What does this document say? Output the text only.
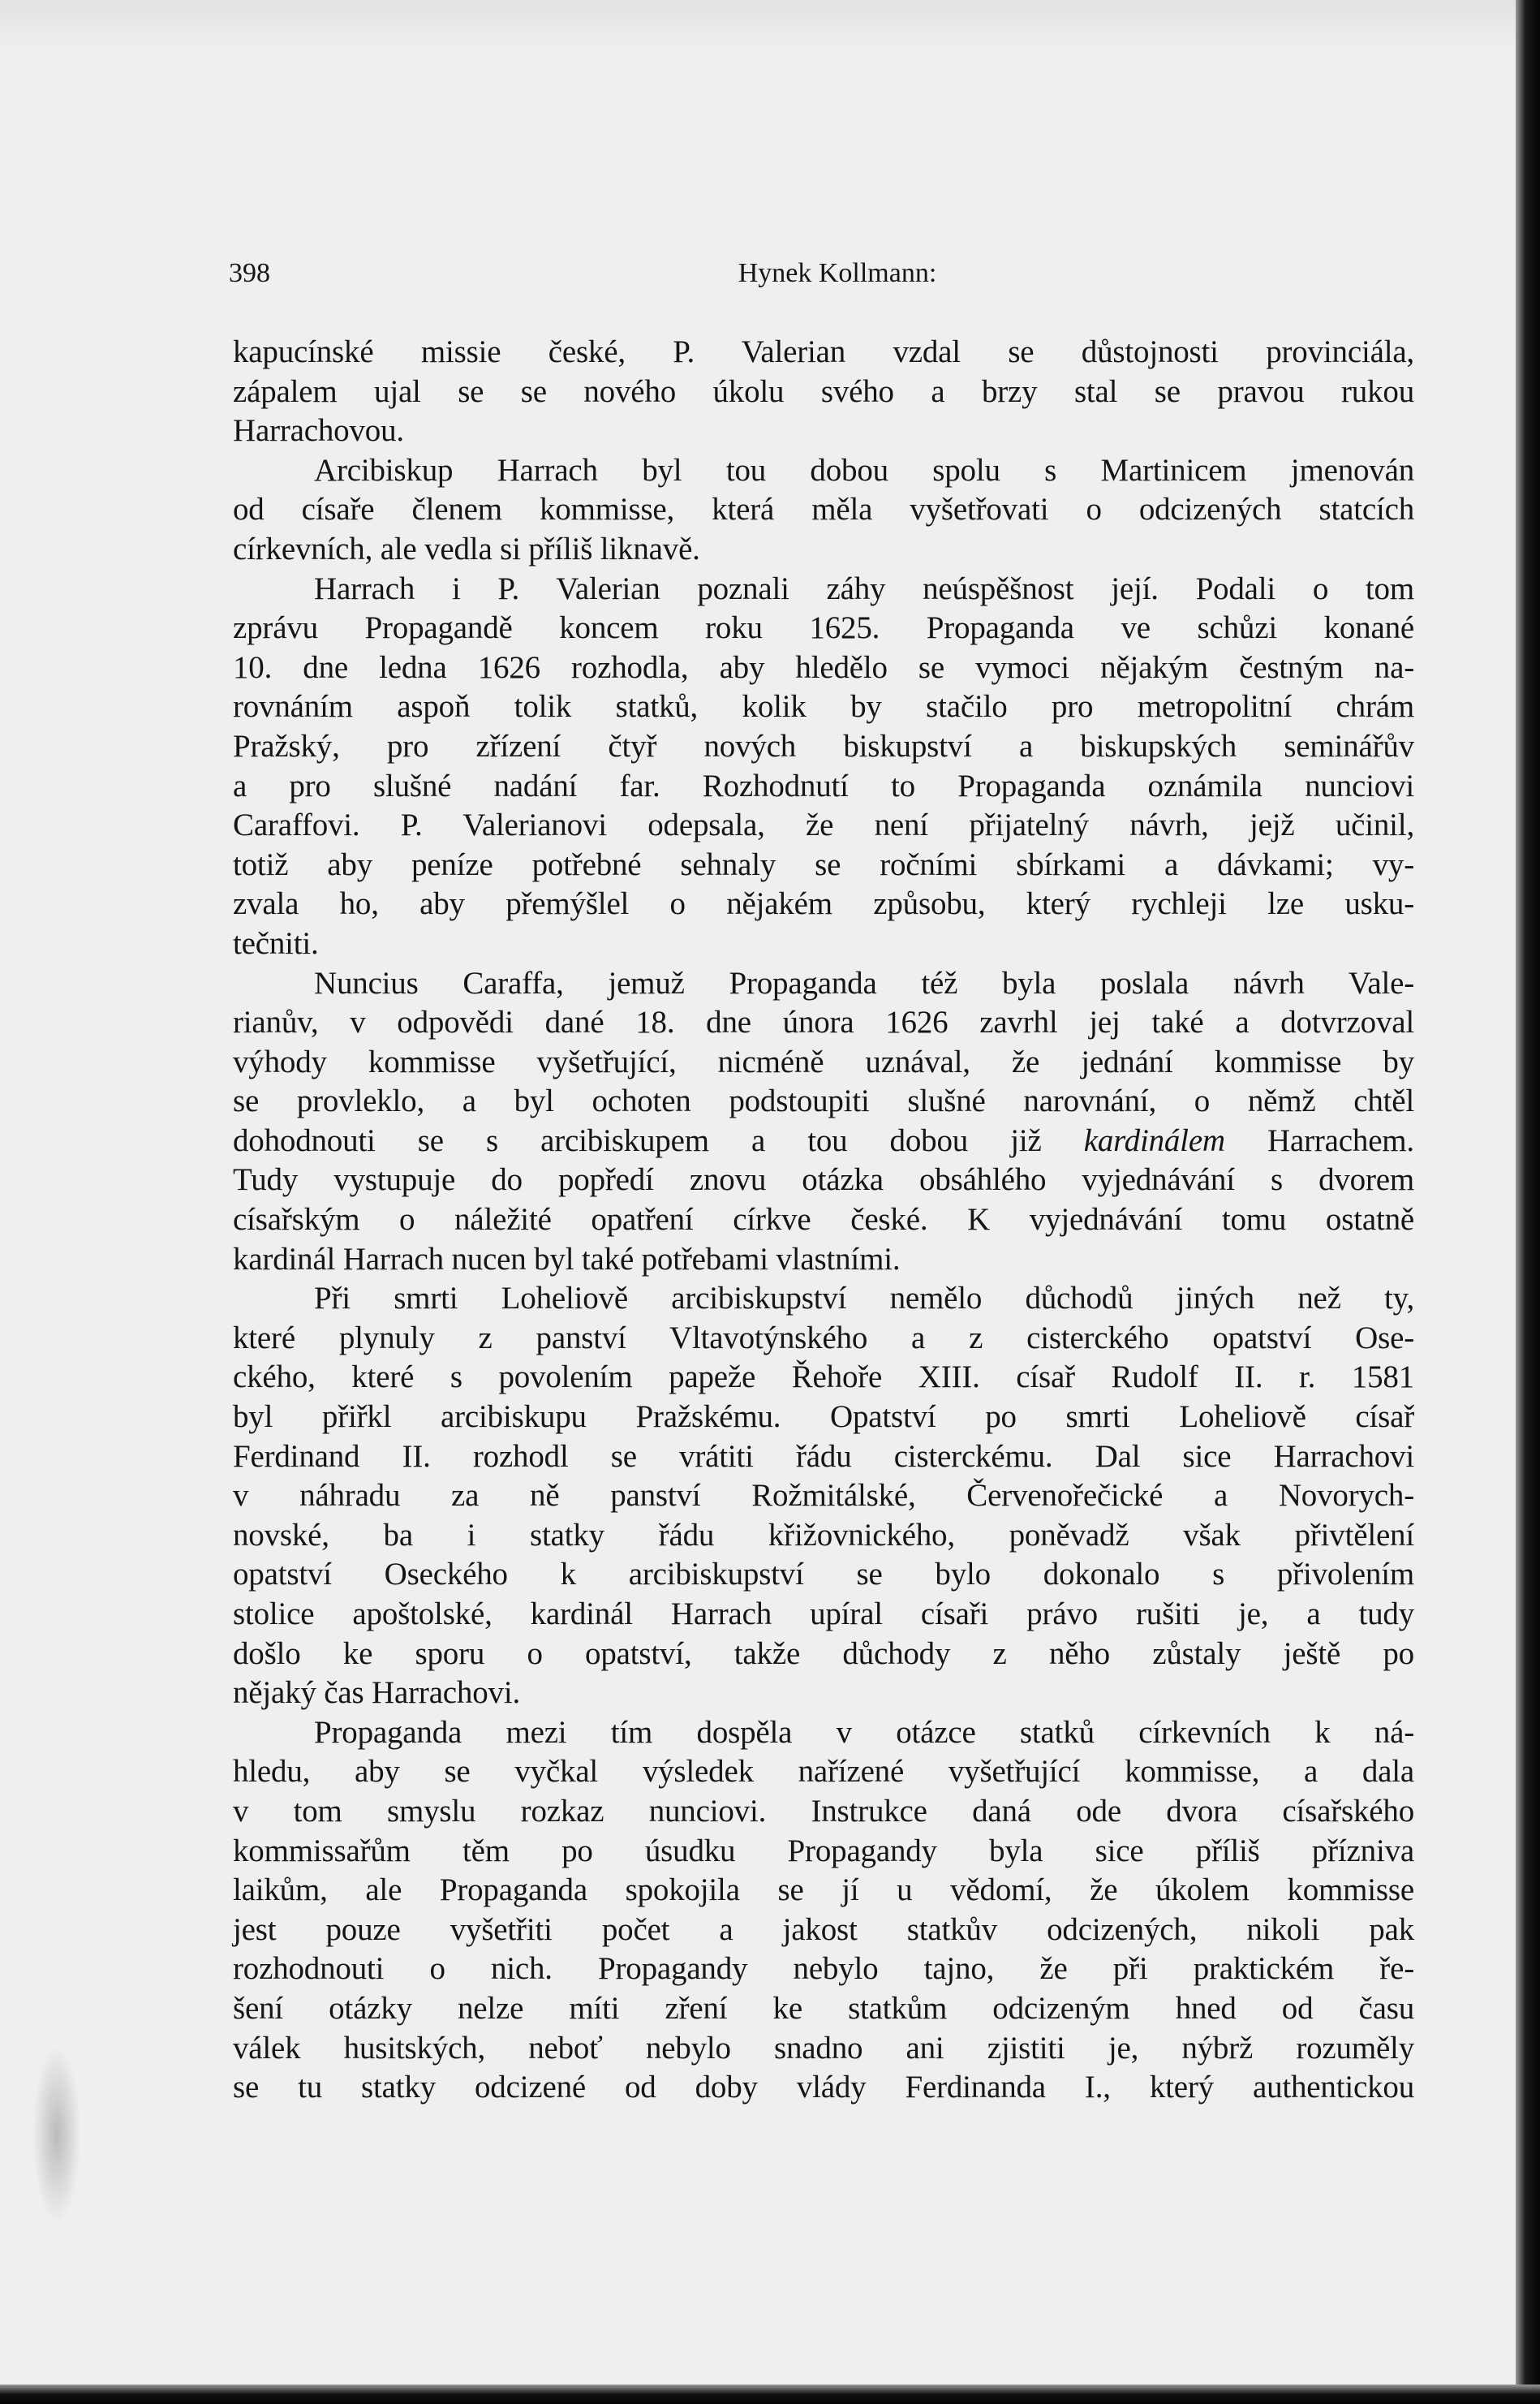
398	Hynek Kollmann:
kapucínské missie české, P. Valerian vzdal se důstojnosti provinciála,
zápalem ujal se se nového úkolu svého a brzy stal se pravou rukou
Harrachovou.
Arcibiskup Harrach byl tou dobou spolu s Martinicem jmenován
od císaře členem kommisse, která měla vyšetřovati o odcizených statcích
církevních, ale vedla si příliš liknavě.
Harrach i P. Valerian poznali záhy neúspěšnost její. Podali o tom
zprávu Propagandě koncem roku 1625. Propaganda ve schůzi konané
10. dne ledna 1626 rozhodla, aby hledělo se vymoci nějakým čestným na-
rovnáním aspoň tolik statků, kolik by stačilo pro metropolitní chrám
Pražský, pro zřízení čtyř nových biskupství a biskupských seminářův
a pro slušné nadání far. Rozhodnutí to Propaganda oznámila nunciovi
Caraffovi. P. Valerianovi odepsala, že není přijatelný návrh, jejž učinil,
totiž aby peníze potřebné sehnaly se ročními sbírkami a dávkami; vy-
zvala ho, aby přemýšlel o nějakém způsobu, který rychleji lze usku-
tečniti.
Nuncius Caraffa, jemuž Propaganda též byla poslala návrh Vale-
rianův, v odpovědi dané 18. dne února 1626 zavrhl jej také a dotvrzoval
výhody kommisse vyšetřující, nicméně uznával, že jednání kommisse by
se provleklo, a byl ochoten podstoupiti slušné narovnání, o němž chtěl
dohodnouti se s arcibiskupem a tou dobou již kardinálem Harrachem.
Tudy vystupuje do popředí znovu otázka obsáhlého vyjednávání s dvorem
císařským o náležité opatření církve české. K vyjednávání tomu ostatně
kardinál Harrach nucen byl také potřebami vlastními.
Při smrti Loheliově arcibiskupství nemělo důchodů jiných než ty,
které plynuly z panství Vltavotýnského a z cisterckého opatství Ose-
ckého, které s povolením papeže Řehoře XIII. císař Rudolf II. r. 1581
byl přiřkl arcibiskupu Pražskému. Opatství po smrti Loheliově císař
Ferdinand II. rozhodl se vrátiti řádu cisterckému. Dal sice Harrachovi
v náhradu za ně panství Rožmitálské, Červenořečické a Novorych-
novské, ba i statky řádu křižovnického, poněvadž však přivtělení
opatství Oseckého k arcibiskupství se bylo dokonalo s přivolením
stolice apoštolské, kardinál Harrach upíral císaři právo rušiti je, a tudy
došlo ke sporu o opatství, takže důchody z něho zůstaly ještě po
nějaký čas Harrachovi.
Propaganda mezi tím dospěla v otázce statků církevních k ná-
hledu, aby se vyčkal výsledek nařízené vyšetřující kommisse, a dala
v tom smyslu rozkaz nunciovi. Instrukce daná ode dvora císařského
kommissařům těm po úsudku Propagandy byla sice příliš přízniva
laikům, ale Propaganda spokojila se jí u vědomí, že úkolem kommisse
jest pouze vyšetřiti počet a jakost statkův odcizených, nikoli pak
rozhodnouti o nich. Propagandy nebylo tajno, že při praktickém ře-
šení otázky nelze míti zření ke statkům odcizeným hned od času
válek husitských, neboť nebylo snadno ani zjistiti je, nýbrž rozuměly
se tu statky odcizené od doby vlády Ferdinanda I., který authentickou
